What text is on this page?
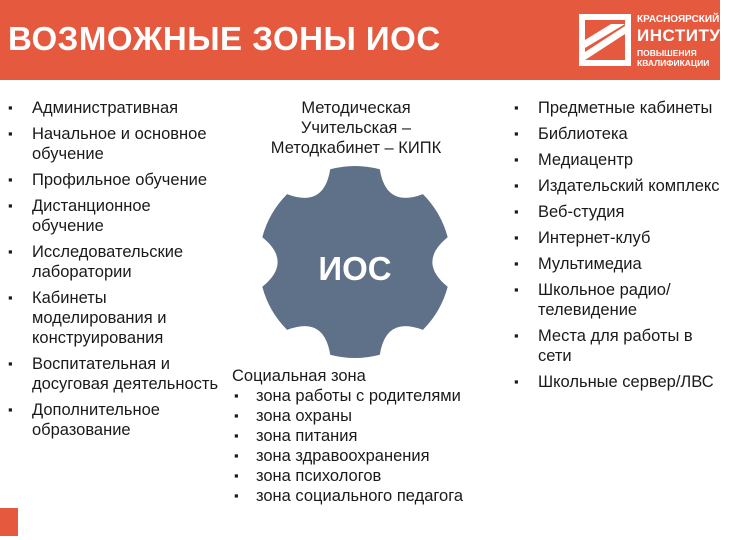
ВОЗМОЖНЫЕ ЗОНЫ ИОС
КРАСНОЯРСКИЙ
ИНСТИТУТ
ПОВЫШЕНИЯ
КВАЛИФИКАЦИИ
▪ Административная
▪ Начальное и основное обучение
▪ Профильное обучение
▪ Дистанционное обучение
▪ Исследовательские лаборатории
▪ Кабинеты моделирования и конструирования
▪ Воспитательная и досуговая деятельность
▪ Дополнительное образование
Методическая
Учительская –
Методкабинет – КИПК
ИОС
Социальная зона
▪ зона работы с родителями
▪ зона охраны
▪ зона питания
▪ зона здравоохранения
▪ зона психологов
▪ зона социального педагога
▪ Предметные кабинеты
▪ Библиотека
▪ Медиацентр
▪ Издательский комплекс
▪ Веб-студия
▪ Интернет-клуб
▪ Мультимедиа
▪ Школьное радио/телевидение
▪ Места для работы в сети
▪ Школьные сервер/ЛВС
